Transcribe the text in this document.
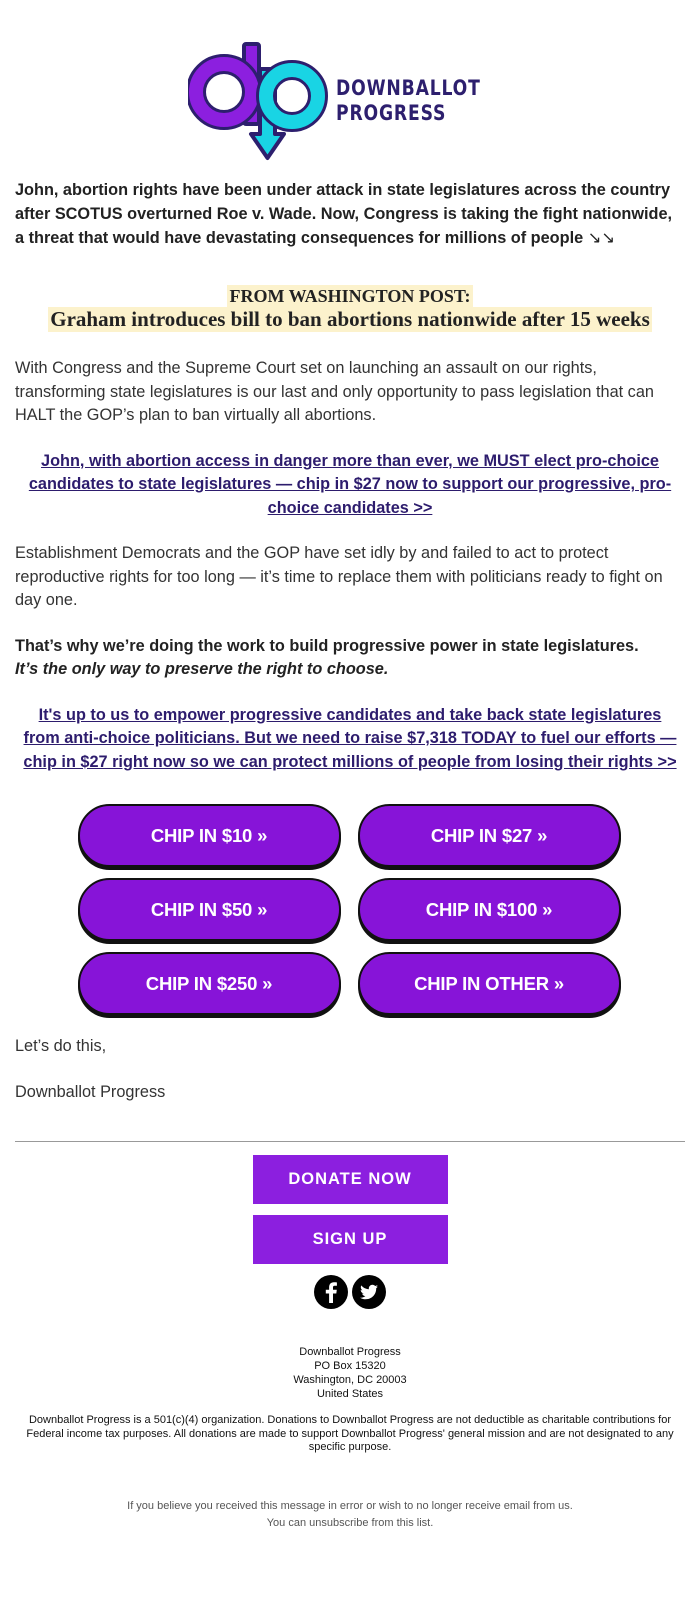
DOWNBALLOT
PROGRESS

John, abortion rights have been under attack in state legislatures across the country after SCOTUS overturned Roe v. Wade. Now, Congress is taking the fight nationwide, a threat that would have devastating consequences for millions of people ↘↘

FROM WASHINGTON POST:
Graham introduces bill to ban abortions nationwide after 15 weeks

With Congress and the Supreme Court set on launching an assault on our rights, transforming state legislatures is our last and only opportunity to pass legislation that can HALT the GOP’s plan to ban virtually all abortions.

John, with abortion access in danger more than ever, we MUST elect pro-choice candidates to state legislatures — chip in $27 now to support our progressive, pro-choice candidates >>

Establishment Democrats and the GOP have set idly by and failed to act to protect reproductive rights for too long — it’s time to replace them with politicians ready to fight on day one.

That’s why we’re doing the work to build progressive power in state legislatures.
It’s the only way to preserve the right to choose.

It's up to us to empower progressive candidates and take back state legislatures from anti-choice politicians. But we need to raise $7,318 TODAY to fuel our efforts — chip in $27 right now so we can protect millions of people from losing their rights >>
CHIP IN $10 »	CHIP IN $27 »
CHIP IN $50 »	CHIP IN $100 »
CHIP IN $250 »	CHIP IN OTHER »

Let’s do this,

Downballot Progress

DONATE NOW
SIGN UP
Downballot Progress
PO Box 15320
Washington, DC 20003
United States

Downballot Progress is a 501(c)(4) organization. Donations to Downballot Progress are not deductible as charitable contributions for Federal income tax purposes. All donations are made to support Downballot Progress' general mission and are not designated to any specific purpose.

If you believe you received this message in error or wish to no longer receive email from us.
You can unsubscribe from this list.
